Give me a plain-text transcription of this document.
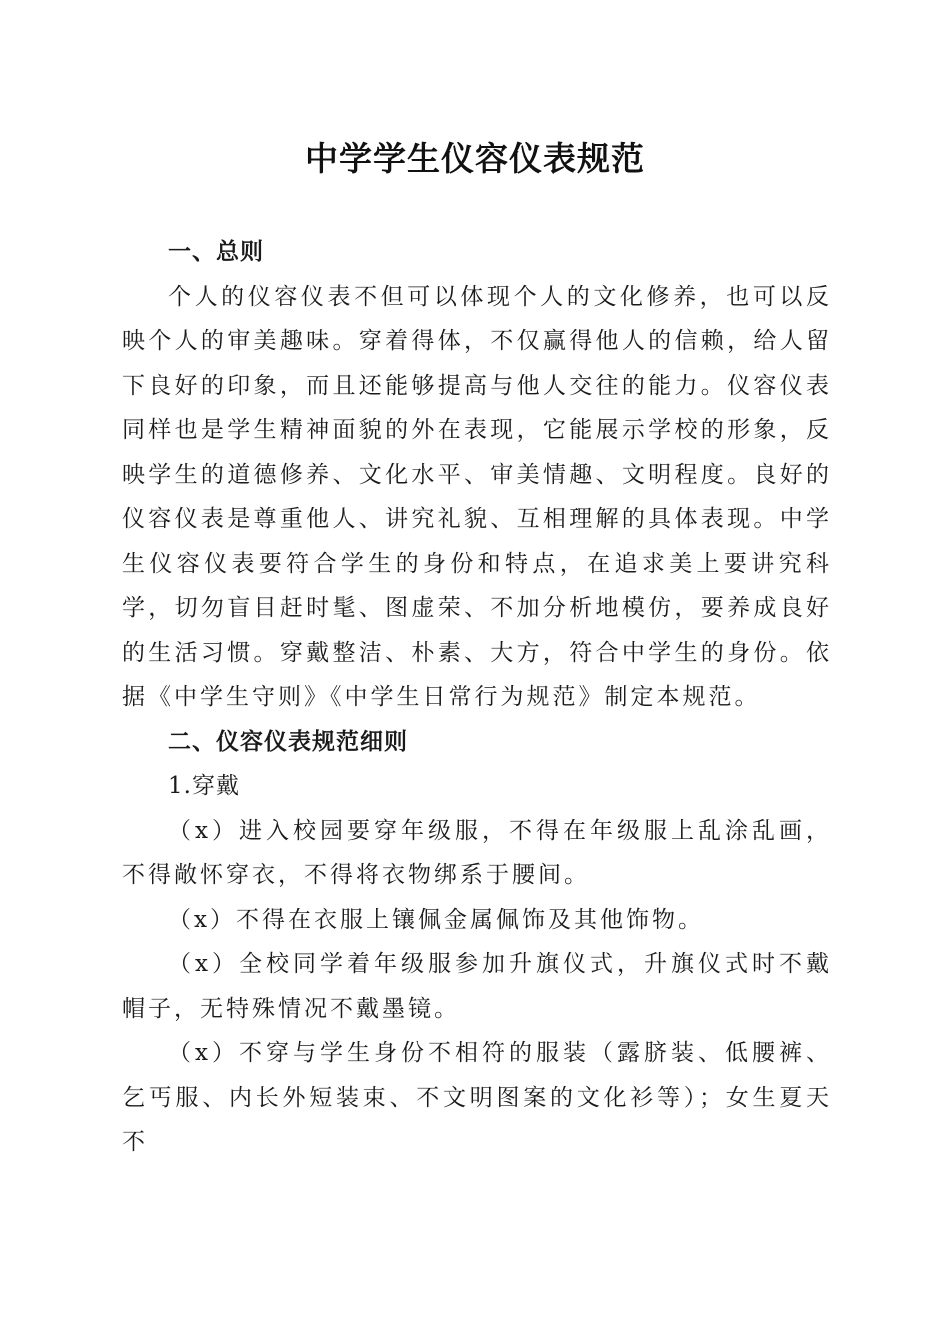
中学学生仪容仪表规范

一、总则

个人的仪容仪表不但可以体现个人的文化修养，也可以反映个人的审美趣味。穿着得体，不仅赢得他人的信赖，给人留下良好的印象，而且还能够提高与他人交往的能力。仪容仪表同样也是学生精神面貌的外在表现，它能展示学校的形象，反映学生的道德修养、文化水平、审美情趣、文明程度。良好的仪容仪表是尊重他人、讲究礼貌、互相理解的具体表现。中学生仪容仪表要符合学生的身份和特点，在追求美上要讲究科学，切勿盲目赶时髦、图虚荣、不加分析地模仿，要养成良好的生活习惯。穿戴整洁、朴素、大方，符合中学生的身份。依据《中学生守则》《中学生日常行为规范》制定本规范。

二、仪容仪表规范细则

1.穿戴

（x）进入校园要穿年级服，不得在年级服上乱涂乱画，不得敞怀穿衣，不得将衣物绑系于腰间。

（x）不得在衣服上镶佩金属佩饰及其他饰物。

（x）全校同学着年级服参加升旗仪式，升旗仪式时不戴帽子，无特殊情况不戴墨镜。

（x）不穿与学生身份不相符的服装（露脐装、低腰裤、乞丐服、内长外短装束、不文明图案的文化衫等）；女生夏天不
